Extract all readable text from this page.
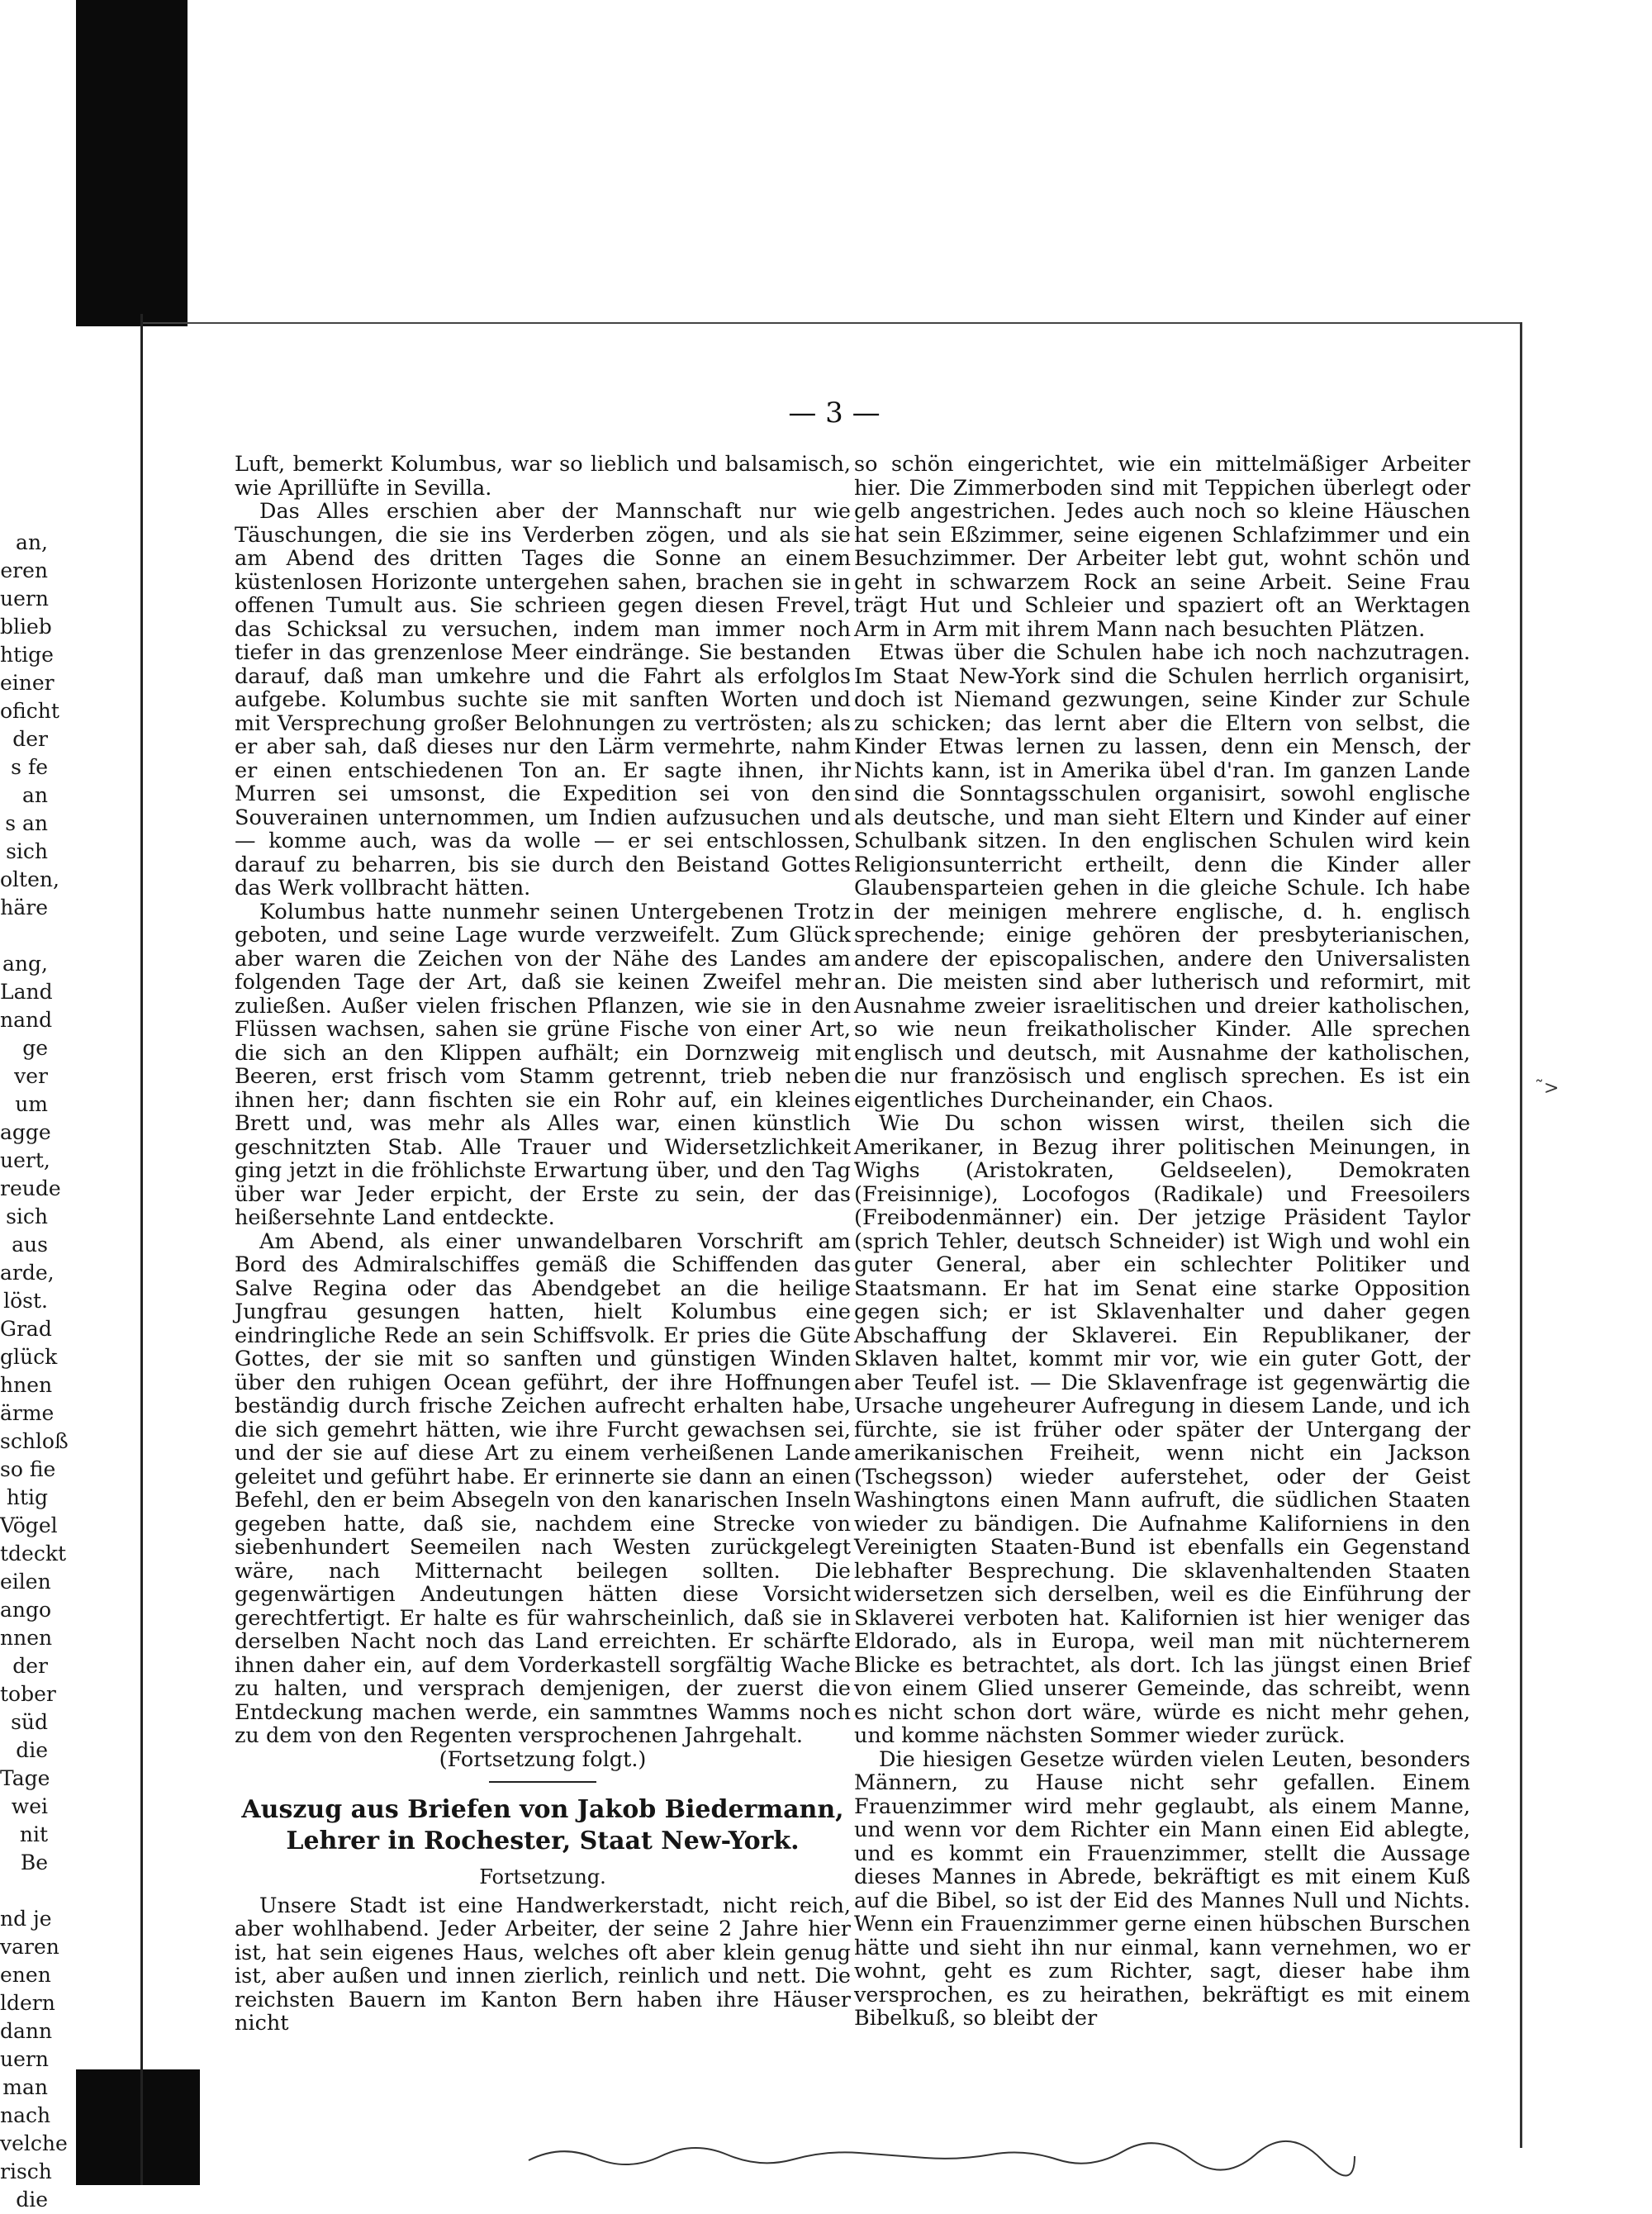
an,
eren
uern
blieb
htige
einer
oficht
der
s fe
an
s an
sich
olten,
häre
ang,
Land
nand
ge
ver
um
agge
uert,
reude
sich
aus
arde,
löst.
Grad
glück
hnen
ärme
schloß
so fie
htig
Vögel
tdeckt
eilen
ango
nnen
der
tober
süd
die
Tage
wei
nit
Be
nd je
varen
enen
ldern
dann
uern
man
nach
velche
risch
die
— 3 —
˜>

Luft, bemerkt Kolumbus, war so lieblich und balsamisch, wie Aprillüfte in Sevilla.

Das Alles erschien aber der Mannschaft nur wie Täuschungen, die sie ins Verderben zögen, und als sie am Abend des dritten Tages die Sonne an einem küstenlosen Horizonte untergehen sahen, brachen sie in offenen Tumult aus. Sie schrieen gegen diesen Frevel, das Schicksal zu versuchen, indem man immer noch tiefer in das grenzenlose Meer eindränge. Sie bestanden darauf, daß man umkehre und die Fahrt als erfolglos aufgebe. Kolumbus suchte sie mit sanften Worten und mit Versprechung großer Belohnungen zu vertrösten; als er aber sah, daß dieses nur den Lärm vermehrte, nahm er einen entschiedenen Ton an. Er sagte ihnen, ihr Murren sei umsonst, die Expedition sei von den Souverainen unternommen, um Indien aufzusuchen und — komme auch, was da wolle — er sei entschlossen, darauf zu beharren, bis sie durch den Beistand Gottes das Werk vollbracht hätten.

Kolumbus hatte nunmehr seinen Untergebenen Trotz geboten, und seine Lage wurde verzweifelt. Zum Glück aber waren die Zeichen von der Nähe des Landes am folgenden Tage der Art, daß sie keinen Zweifel mehr zuließen. Außer vielen frischen Pflanzen, wie sie in den Flüssen wachsen, sahen sie grüne Fische von einer Art, die sich an den Klippen aufhält; ein Dornzweig mit Beeren, erst frisch vom Stamm getrennt, trieb neben ihnen her; dann fischten sie ein Rohr auf, ein kleines Brett und, was mehr als Alles war, einen künstlich geschnitzten Stab. Alle Trauer und Widersetzlichkeit ging jetzt in die fröhlichste Erwartung über, und den Tag über war Jeder erpicht, der Erste zu sein, der das heißersehnte Land entdeckte.

Am Abend, als einer unwandelbaren Vorschrift am Bord des Admiralschiffes gemäß die Schiffenden das Salve Regina oder das Abendgebet an die heilige Jungfrau gesungen hatten, hielt Kolumbus eine eindringliche Rede an sein Schiffsvolk. Er pries die Güte Gottes, der sie mit so sanften und günstigen Winden über den ruhigen Ocean geführt, der ihre Hoffnungen beständig durch frische Zeichen aufrecht erhalten habe, die sich gemehrt hätten, wie ihre Furcht gewachsen sei, und der sie auf diese Art zu einem verheißenen Lande geleitet und geführt habe. Er erinnerte sie dann an einen Befehl, den er beim Absegeln von den kanarischen Inseln gegeben hatte, daß sie, nachdem eine Strecke von siebenhundert Seemeilen nach Westen zurückgelegt wäre, nach Mitternacht beilegen sollten. Die gegenwärtigen Andeutungen hätten diese Vorsicht gerechtfertigt. Er halte es für wahrscheinlich, daß sie in derselben Nacht noch das Land erreichten. Er schärfte ihnen daher ein, auf dem Vorderkastell sorgfältig Wache zu halten, und versprach demjenigen, der zuerst die Entdeckung machen werde, ein sammtnes Wamms noch zu dem von den Regenten versprochenen Jahrgehalt.

(Fortsetzung folgt.)

Auszug aus Briefen von Jakob Biedermann, Lehrer in Rochester, Staat New-York.
Fortsetzung.

Unsere Stadt ist eine Handwerkerstadt, nicht reich, aber wohlhabend. Jeder Arbeiter, der seine 2 Jahre hier ist, hat sein eigenes Haus, welches oft aber klein genug ist, aber außen und innen zierlich, reinlich und nett. Die reichsten Bauern im Kanton Bern haben ihre Häuser nicht

so schön eingerichtet, wie ein mittelmäßiger Arbeiter hier. Die Zimmerboden sind mit Teppichen überlegt oder gelb angestrichen. Jedes auch noch so kleine Häuschen hat sein Eßzimmer, seine eigenen Schlafzimmer und ein Besuchzimmer. Der Arbeiter lebt gut, wohnt schön und geht in schwarzem Rock an seine Arbeit. Seine Frau trägt Hut und Schleier und spaziert oft an Werktagen Arm in Arm mit ihrem Mann nach besuchten Plätzen.

Etwas über die Schulen habe ich noch nachzutragen. Im Staat New-York sind die Schulen herrlich organisirt, doch ist Niemand gezwungen, seine Kinder zur Schule zu schicken; das lernt aber die Eltern von selbst, die Kinder Etwas lernen zu lassen, denn ein Mensch, der Nichts kann, ist in Amerika übel d'ran. Im ganzen Lande sind die Sonntagsschulen organisirt, sowohl englische als deutsche, und man sieht Eltern und Kinder auf einer Schulbank sitzen. In den englischen Schulen wird kein Religionsunterricht ertheilt, denn die Kinder aller Glaubensparteien gehen in die gleiche Schule. Ich habe in der meinigen mehrere englische, d. h. englisch sprechende; einige gehören der presbyterianischen, andere der episcopalischen, andere den Universalisten an. Die meisten sind aber lutherisch und reformirt, mit Ausnahme zweier israelitischen und dreier katholischen, so wie neun freikatholischer Kinder. Alle sprechen englisch und deutsch, mit Ausnahme der katholischen, die nur französisch und englisch sprechen. Es ist ein eigentliches Durcheinander, ein Chaos.

Wie Du schon wissen wirst, theilen sich die Amerikaner, in Bezug ihrer politischen Meinungen, in Wighs (Aristokraten, Geldseelen), Demokraten (Freisinnige), Locofogos (Radikale) und Freesoilers (Freibodenmänner) ein. Der jetzige Präsident Taylor (sprich Tehler, deutsch Schneider) ist Wigh und wohl ein guter General, aber ein schlechter Politiker und Staatsmann. Er hat im Senat eine starke Opposition gegen sich; er ist Sklavenhalter und daher gegen Abschaffung der Sklaverei. Ein Republikaner, der Sklaven haltet, kommt mir vor, wie ein guter Gott, der aber Teufel ist. — Die Sklavenfrage ist gegenwärtig die Ursache ungeheurer Aufregung in diesem Lande, und ich fürchte, sie ist früher oder später der Untergang der amerikanischen Freiheit, wenn nicht ein Jackson (Tschegsson) wieder auferstehet, oder der Geist Washingtons einen Mann aufruft, die südlichen Staaten wieder zu bändigen. Die Aufnahme Kaliforniens in den Vereinigten Staaten-Bund ist ebenfalls ein Gegenstand lebhafter Besprechung. Die sklavenhaltenden Staaten widersetzen sich derselben, weil es die Einführung der Sklaverei verboten hat. Kalifornien ist hier weniger das Eldorado, als in Europa, weil man mit nüchternerem Blicke es betrachtet, als dort. Ich las jüngst einen Brief von einem Glied unserer Gemeinde, das schreibt, wenn es nicht schon dort wäre, würde es nicht mehr gehen, und komme nächsten Sommer wieder zurück.

Die hiesigen Gesetze würden vielen Leuten, besonders Männern, zu Hause nicht sehr gefallen. Einem Frauenzimmer wird mehr geglaubt, als einem Manne, und wenn vor dem Richter ein Mann einen Eid ablegte, und es kommt ein Frauenzimmer, stellt die Aussage dieses Mannes in Abrede, bekräftigt es mit einem Kuß auf die Bibel, so ist der Eid des Mannes Null und Nichts. Wenn ein Frauenzimmer gerne einen hübschen Burschen hätte und sieht ihn nur einmal, kann vernehmen, wo er wohnt, geht es zum Richter, sagt, dieser habe ihm versprochen, es zu heirathen, bekräftigt es mit einem Bibelkuß, so bleibt der
